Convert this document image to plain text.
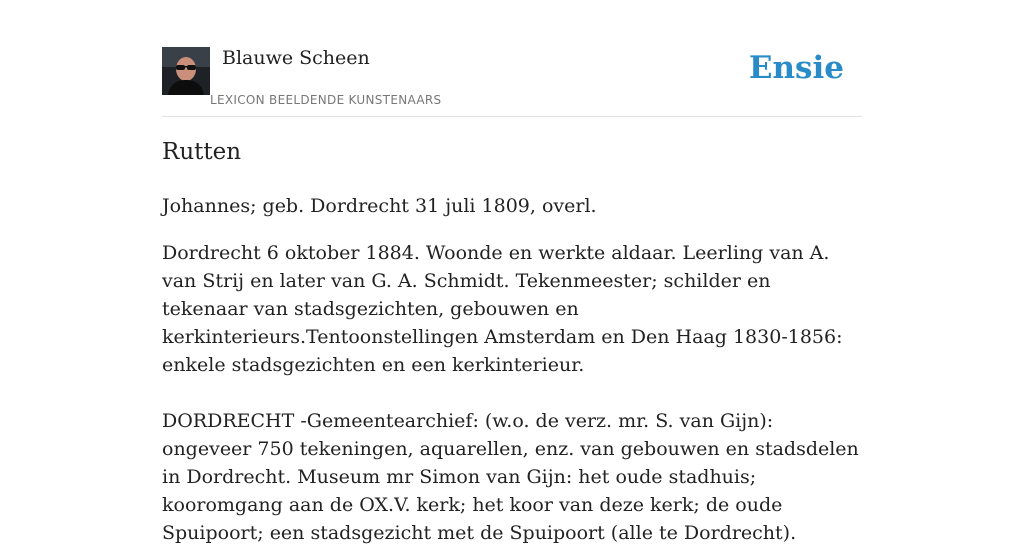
Blauwe Scheen
LEXICON BEELDENDE KUNSTENAARS
Ensie
Rutten

Johannes; geb. Dordrecht 31 juli 1809, overl.

Dordrecht 6 oktober 1884. Woonde en werkte aldaar. Leerling van A. van Strij en later van G. A. Schmidt. Tekenmeester; schilder en tekenaar van stadsgezichten, gebouwen en kerkinterieurs.Tentoonstellingen Amsterdam en Den Haag 1830-1856: enkele stadsgezichten en een kerkinterieur.

DORDRECHT -Gemeentearchief: (w.o. de verz. mr. S. van Gijn): ongeveer 750 tekeningen, aquarellen, enz. van gebouwen en stadsdelen in Dordrecht. Museum mr Simon van Gijn: het oude stadhuis; kooromgang aan de OX.V. kerk; het koor van deze kerk; de oude Spuipoort; een stadsgezicht met de Spuipoort (alle te Dordrecht).
